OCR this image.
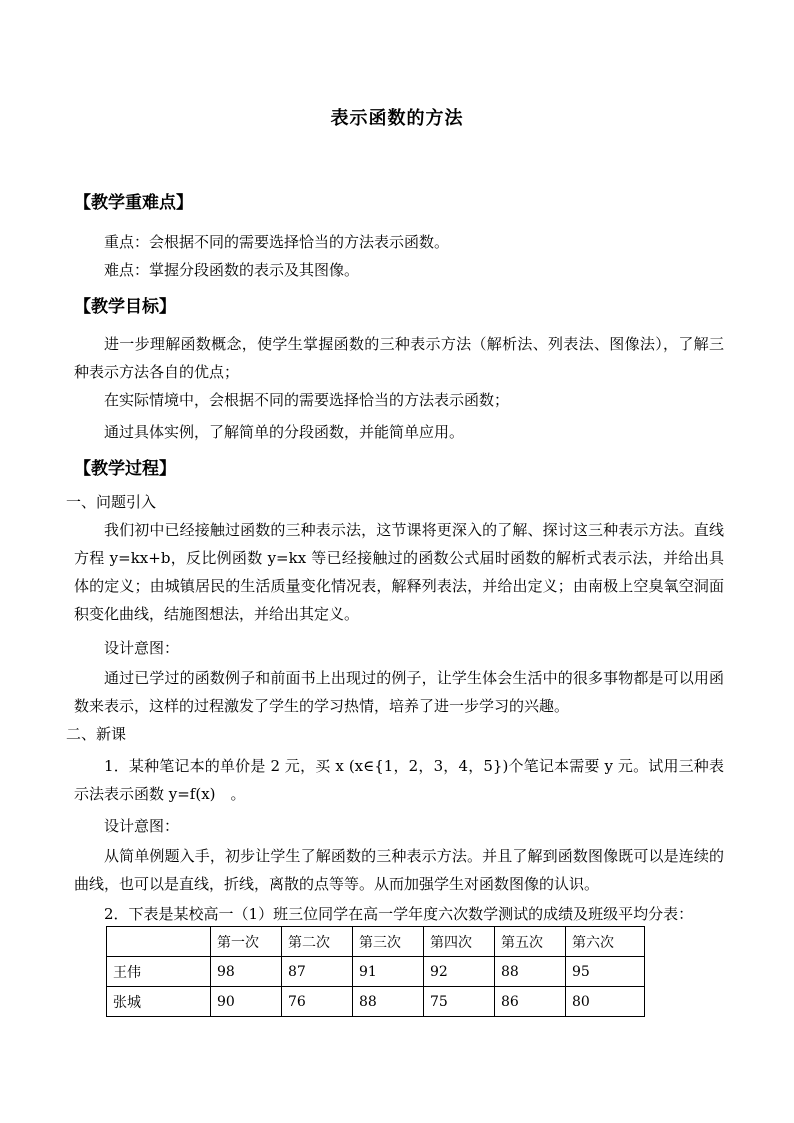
表示函数的方法
【教学重难点】
重点：会根据不同的需要选择恰当的方法表示函数。
难点：掌握分段函数的表示及其图像。
【教学目标】
进一步理解函数概念，使学生掌握函数的三种表示方法（解析法、列表法、图像法），了解三种表示方法各自的优点；
在实际情境中，会根据不同的需要选择恰当的方法表示函数；
通过具体实例，了解简单的分段函数，并能简单应用。
【教学过程】
一、问题引入
我们初中已经接触过函数的三种表示法，这节课将更深入的了解、探讨这三种表示方法。直线方程 y=kx+b，反比例函数 y=kx 等已经接触过的函数公式届时函数的解析式表示法，并给出具体的定义；由城镇居民的生活质量变化情况表，解释列表法，并给出定义；由南极上空臭氧空洞面积变化曲线，结施图想法，并给出其定义。
设计意图：
通过已学过的函数例子和前面书上出现过的例子，让学生体会生活中的很多事物都是可以用函数来表示，这样的过程激发了学生的学习热情，培养了进一步学习的兴趣。
二、新课
1．某种笔记本的单价是 2 元，买 x (x∈{1，2，3，4，5})个笔记本需要 y 元。试用三种表示法表示函数 y=f(x)　。
设计意图：
从简单例题入手，初步让学生了解函数的三种表示方法。并且了解到函数图像既可以是连续的曲线，也可以是直线，折线，离散的点等等。从而加强学生对函数图像的认识。
2．下表是某校高一（1）班三位同学在高一学年度六次数学测试的成绩及班级平均分表：
	第一次	第二次	第三次	第四次	第五次	第六次
王伟	98	87	91	92	88	95
张城	90	76	88	75	86	80
